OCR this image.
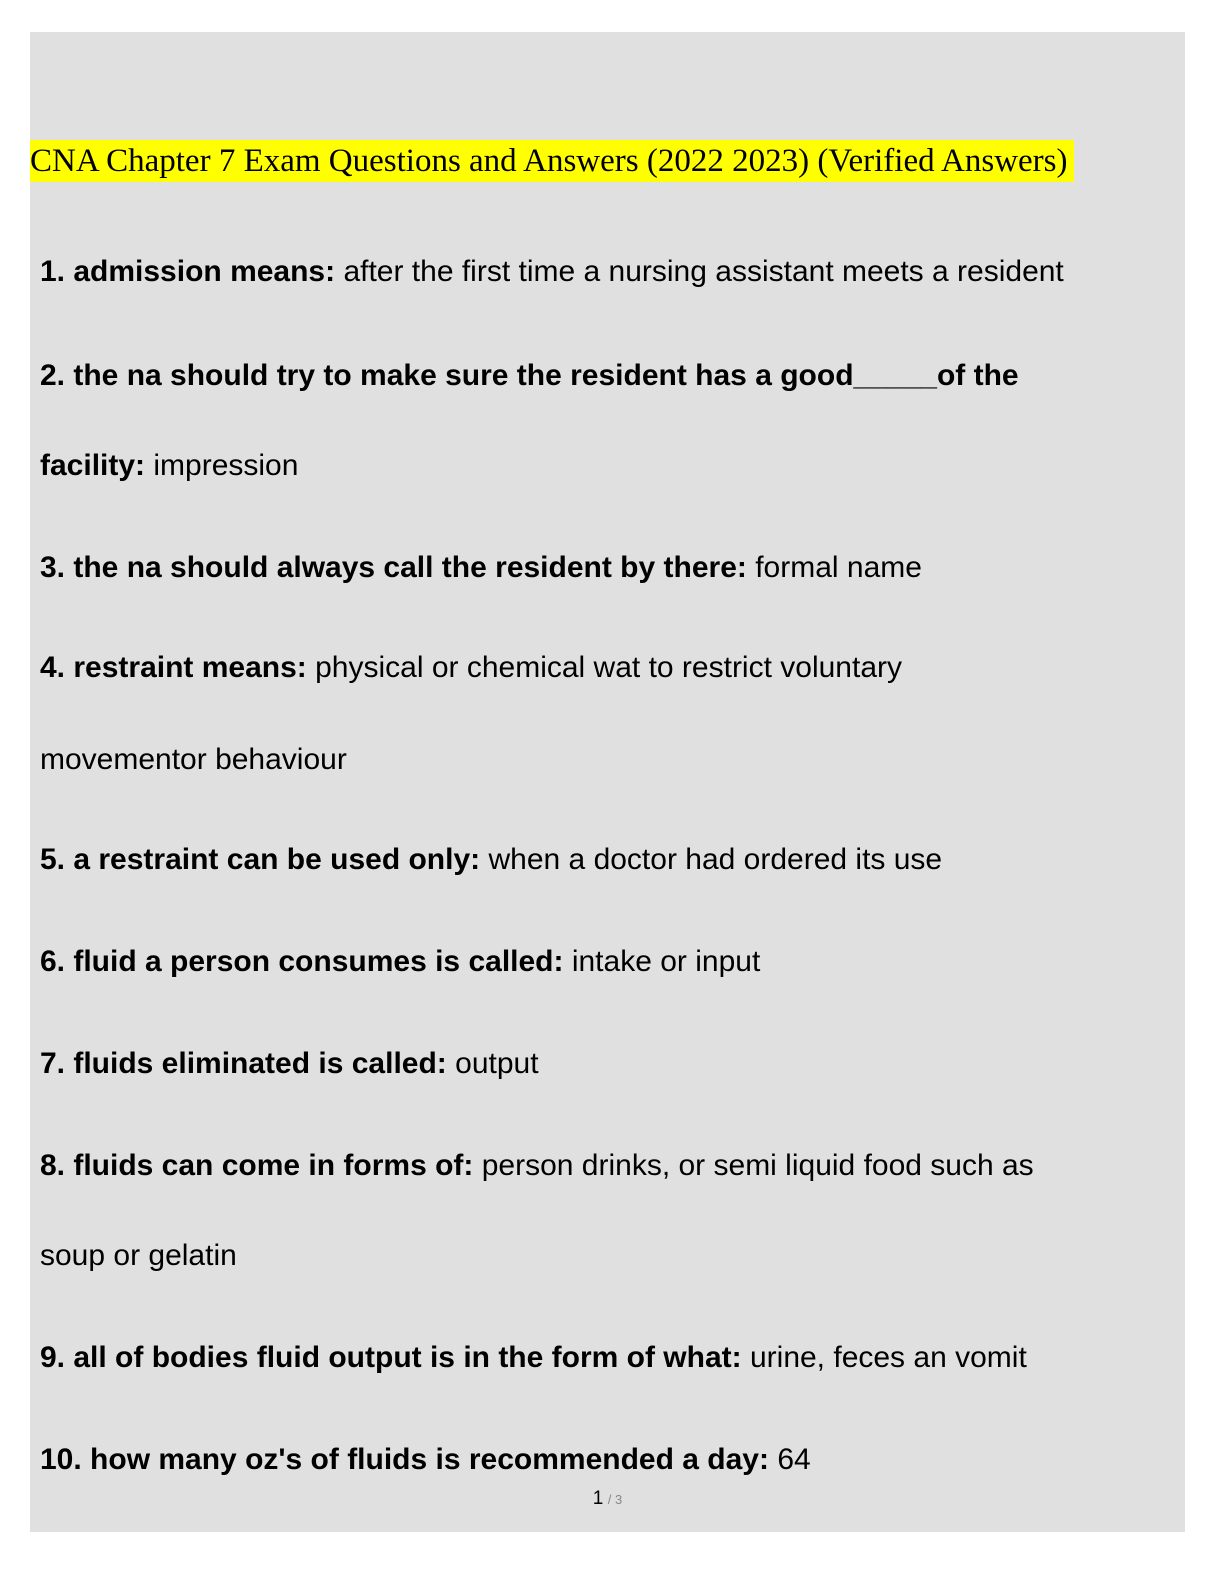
CNA Chapter 7 Exam Questions and Answers (2022 2023) (Verified Answers)
1. admission means: after the first time a nursing assistant meets a resident
2. the na should try to make sure the resident has a good_____of the
facility: impression
3. the na should always call the resident by there: formal name
4. restraint means: physical or chemical wat to restrict voluntary
movementor behaviour
5. a restraint can be used only: when a doctor had ordered its use
6. fluid a person consumes is called: intake or input
7. fluids eliminated is called: output
8. fluids can come in forms of: person drinks, or semi liquid food such as
soup or gelatin
9. all of bodies fluid output is in the form of what: urine, feces an vomit
10. how many oz's of fluids is recommended a day: 64
1 / 3
